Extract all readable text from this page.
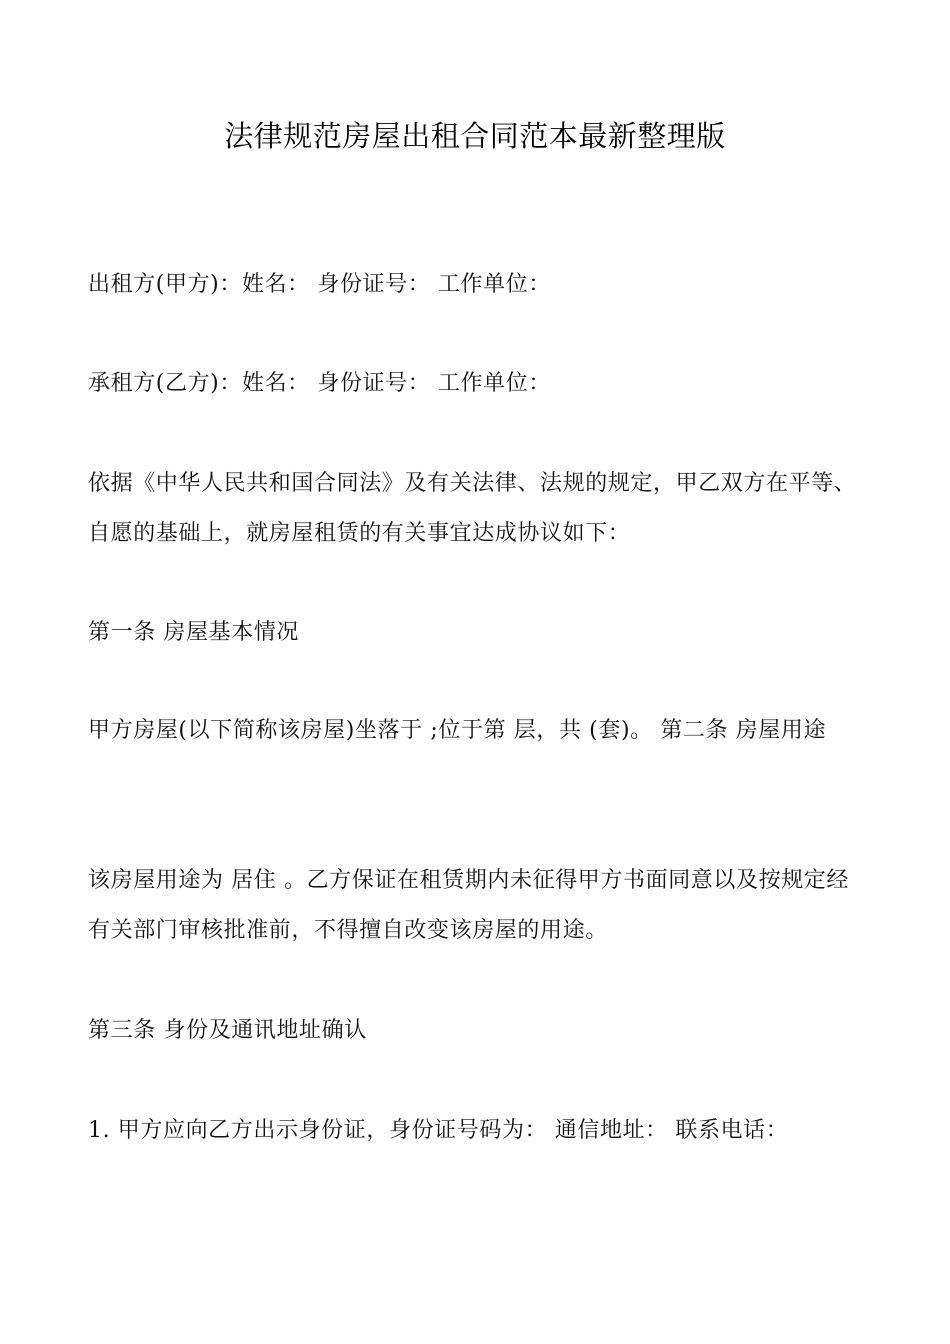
法律规范房屋出租合同范本最新整理版
出租方(甲方)：姓名： 身份证号： 工作单位：
承租方(乙方)：姓名： 身份证号： 工作单位：
依据《中华人民共和国合同法》及有关法律、法规的规定，甲乙双方在平等、自愿的基础上，就房屋租赁的有关事宜达成协议如下：
第一条 房屋基本情况
甲方房屋(以下简称该房屋)坐落于 ;位于第 层，共 (套)。 第二条 房屋用途
该房屋用途为 居住 。乙方保证在租赁期内未征得甲方书面同意以及按规定经有关部门审核批准前，不得擅自改变该房屋的用途。
第三条 身份及通讯地址确认
1. 甲方应向乙方出示身份证，身份证号码为： 通信地址： 联系电话：
